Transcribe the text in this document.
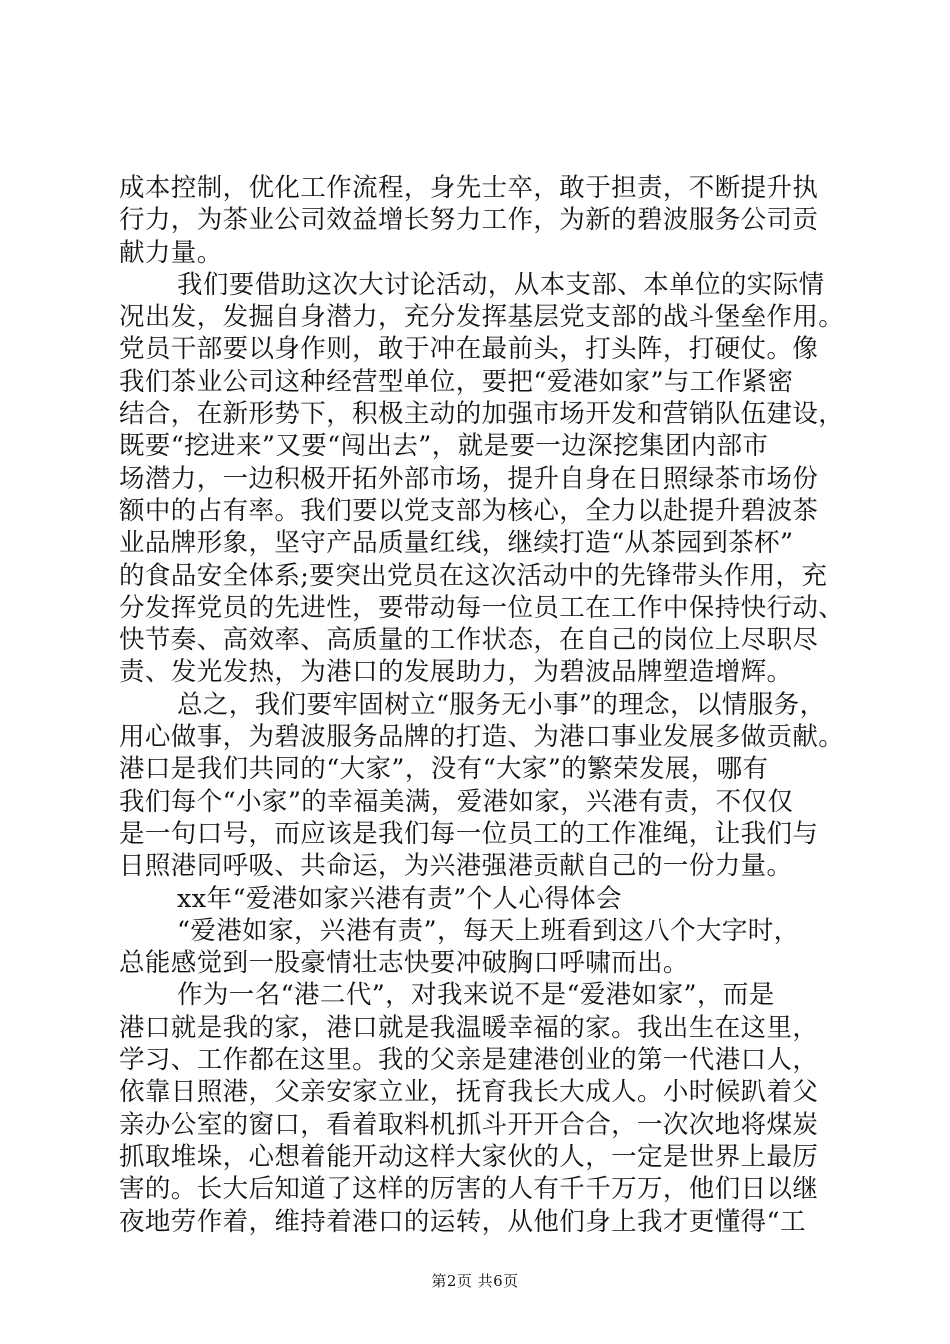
成本控制，优化工作流程，身先士卒，敢于担责，不断提升执
行力，为茶业公司效益增长努力工作，为新的碧波服务公司贡
献力量。
我们要借助这次大讨论活动，从本支部、本单位的实际情
况出发，发掘自身潜力，充分发挥基层党支部的战斗堡垒作用。
党员干部要以身作则，敢于冲在最前头，打头阵，打硬仗。像
我们茶业公司这种经营型单位，要把“爱港如家”与工作紧密
结合，在新形势下，积极主动的加强市场开发和营销队伍建设，
既要“挖进来”又要“闯出去”，就是要一边深挖集团内部市
场潜力，一边积极开拓外部市场，提升自身在日照绿茶市场份
额中的占有率。我们要以党支部为核心，全力以赴提升碧波茶
业品牌形象，坚守产品质量红线，继续打造“从茶园到茶杯”
的食品安全体系;要突出党员在这次活动中的先锋带头作用，充
分发挥党员的先进性，要带动每一位员工在工作中保持快行动、
快节奏、高效率、高质量的工作状态，在自己的岗位上尽职尽
责、发光发热，为港口的发展助力，为碧波品牌塑造增辉。
总之，我们要牢固树立“服务无小事”的理念，以情服务，
用心做事，为碧波服务品牌的打造、为港口事业发展多做贡献。
港口是我们共同的“大家”，没有“大家”的繁荣发展，哪有
我们每个“小家”的幸福美满，爱港如家，兴港有责，不仅仅
是一句口号，而应该是我们每一位员工的工作准绳，让我们与
日照港同呼吸、共命运，为兴港强港贡献自己的一份力量。
xx年“爱港如家兴港有责”个人心得体会
“爱港如家，兴港有责”，每天上班看到这八个大字时，
总能感觉到一股豪情壮志快要冲破胸口呼啸而出。
作为一名“港二代”，对我来说不是“爱港如家”，而是
港口就是我的家，港口就是我温暖幸福的家。我出生在这里，
学习、工作都在这里。我的父亲是建港创业的第一代港口人，
依靠日照港，父亲安家立业，抚育我长大成人。小时候趴着父
亲办公室的窗口，看着取料机抓斗开开合合，一次次地将煤炭
抓取堆垛，心想着能开动这样大家伙的人，一定是世界上最厉
害的。长大后知道了这样的厉害的人有千千万万，他们日以继
夜地劳作着，维持着港口的运转，从他们身上我才更懂得“工
第2页 共6页
